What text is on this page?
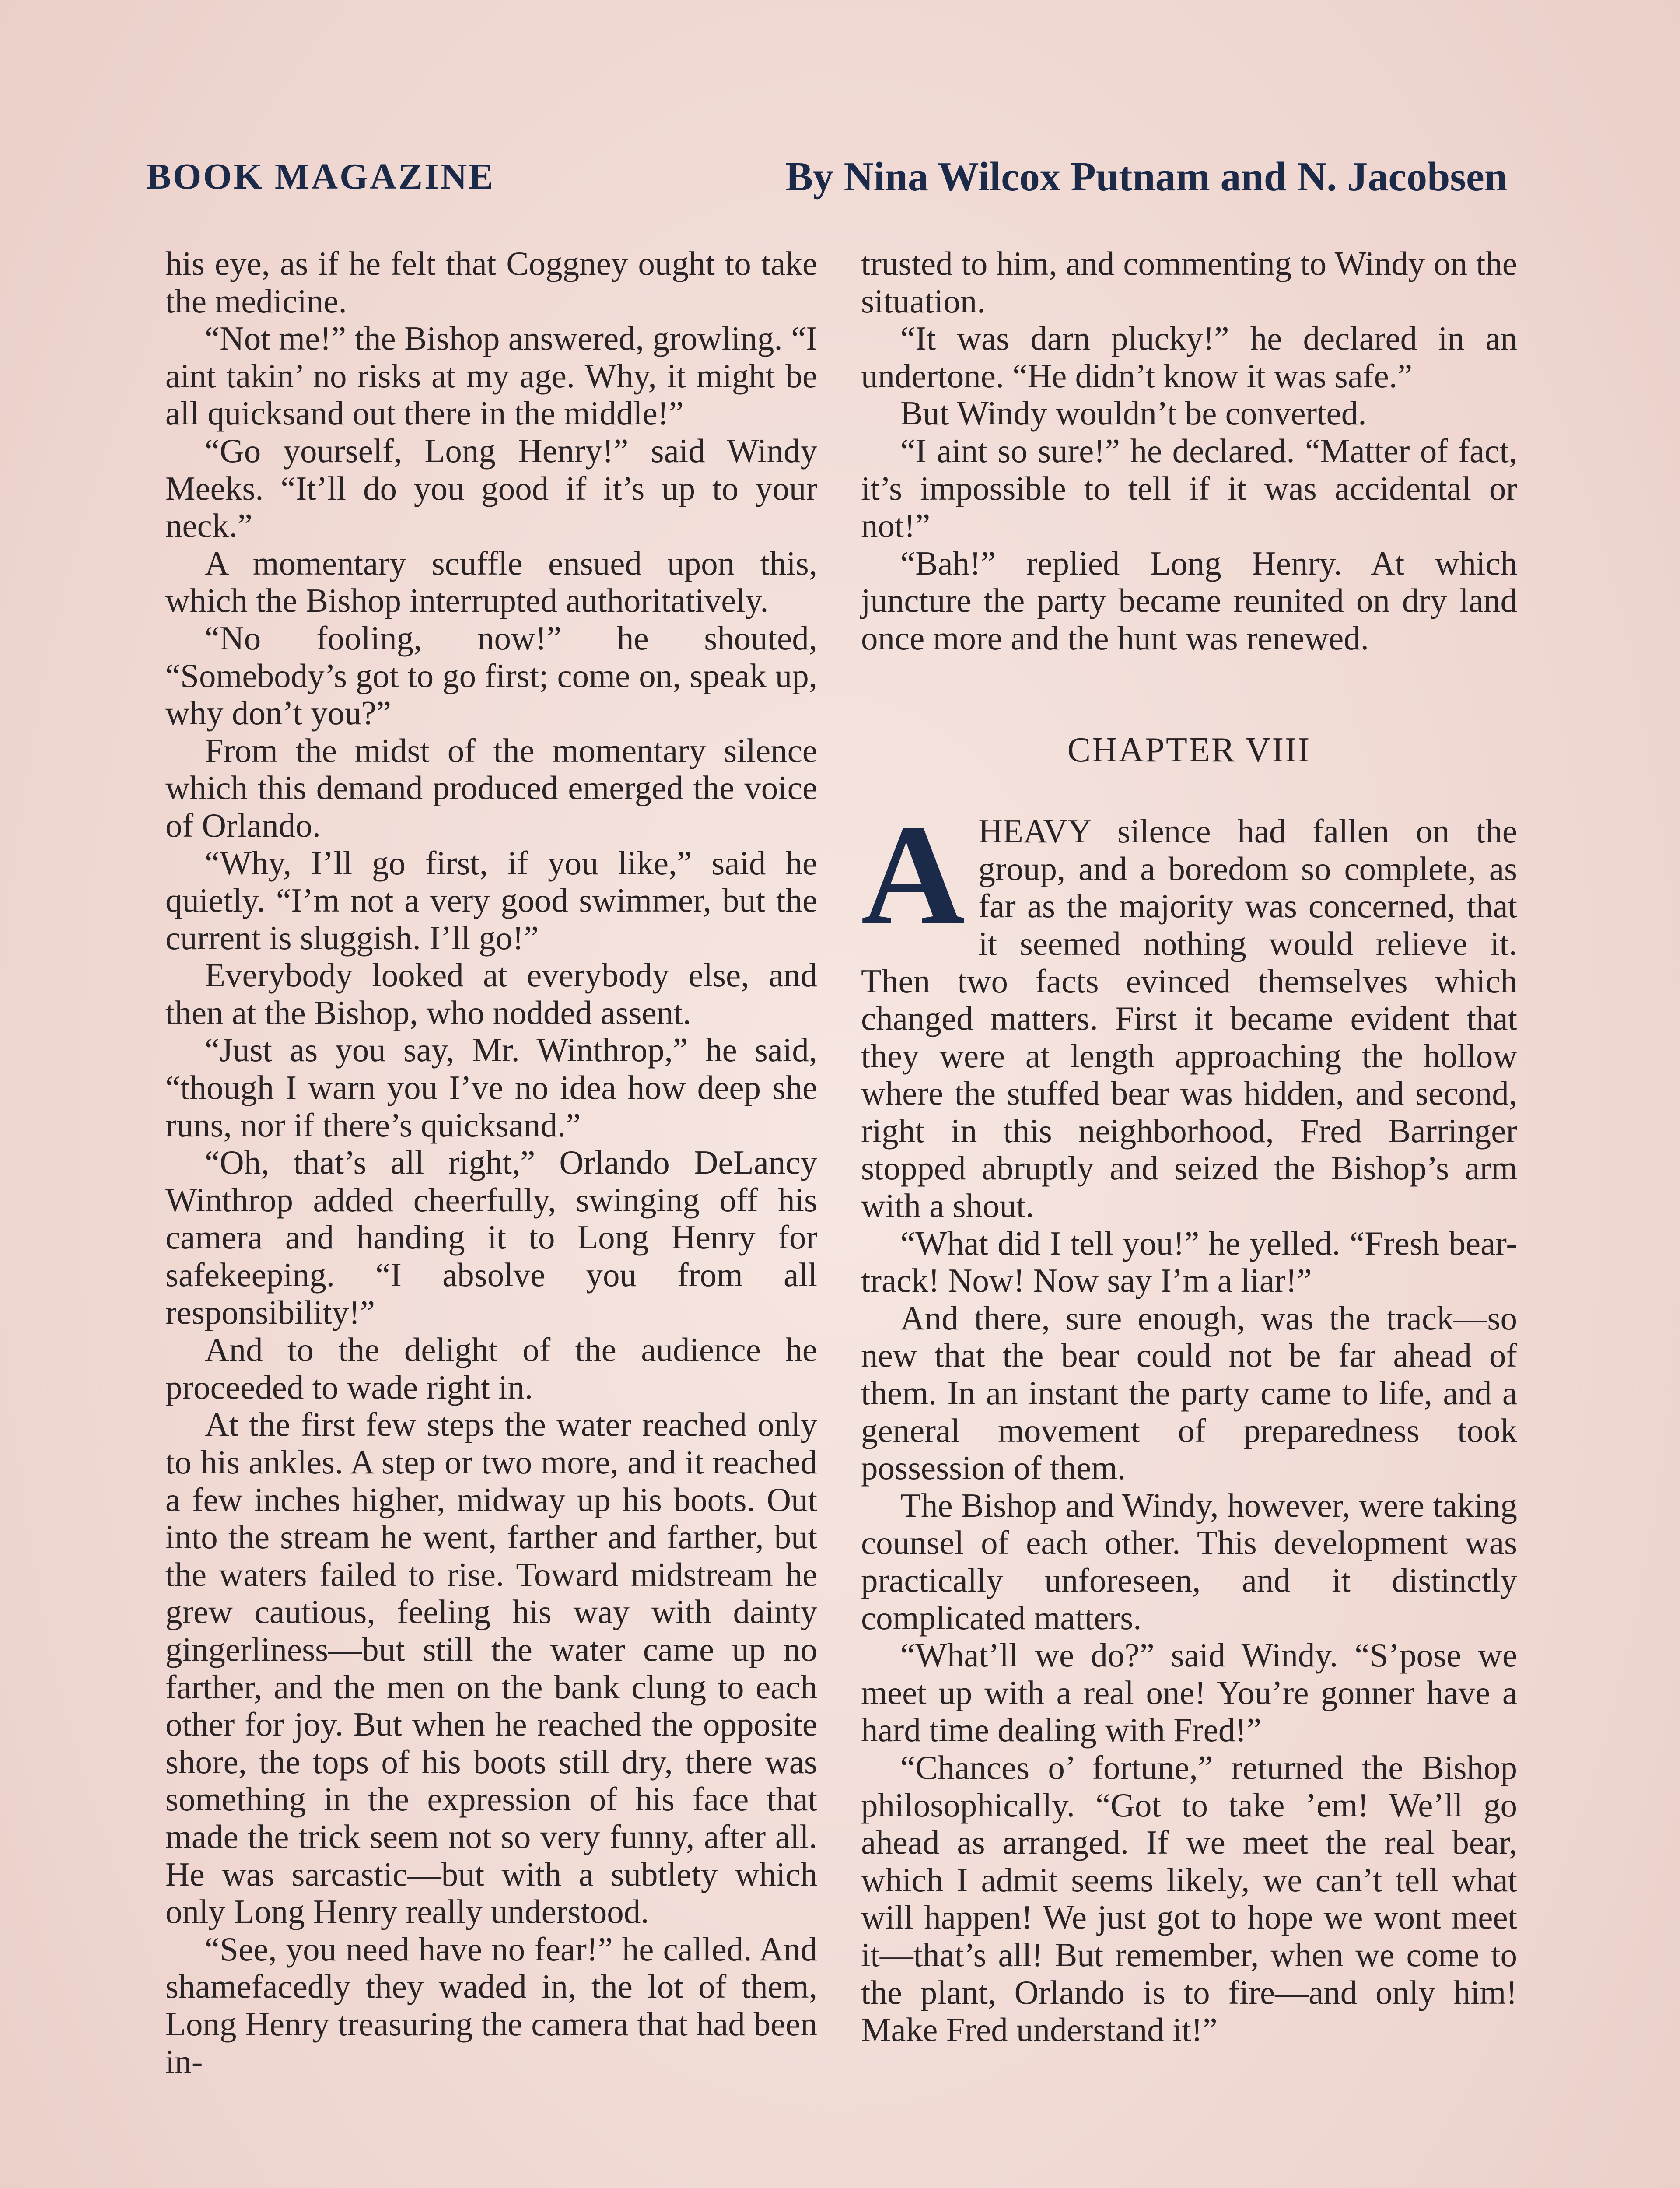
BOOK MAGAZINE	By Nina Wilcox Putnam and N. Jacobsen

his eye, as if he felt that Coggney ought to take the medicine.

“Not me!” the Bishop answered, growling. “I aint takin’ no risks at my age. Why, it might be all quicksand out there in the middle!”

“Go yourself, Long Henry!” said Windy Meeks. “It’ll do you good if it’s up to your neck.”

A momentary scuffle ensued upon this, which the Bishop interrupted authoritatively.

“No fooling, now!” he shouted, “Somebody’s got to go first; come on, speak up, why don’t you?”

From the midst of the momentary silence which this demand produced emerged the voice of Orlando.

“Why, I’ll go first, if you like,” said he quietly. “I’m not a very good swimmer, but the current is sluggish. I’ll go!”

Everybody looked at everybody else, and then at the Bishop, who nodded assent.

“Just as you say, Mr. Winthrop,” he said, “though I warn you I’ve no idea how deep she runs, nor if there’s quicksand.”

“Oh, that’s all right,” Orlando DeLancy Winthrop added cheerfully, swinging off his camera and handing it to Long Henry for safekeeping. “I absolve you from all responsibility!”

And to the delight of the audience he proceeded to wade right in.

At the first few steps the water reached only to his ankles. A step or two more, and it reached a few inches higher, midway up his boots. Out into the stream he went, farther and farther, but the waters failed to rise. Toward midstream he grew cautious, feeling his way with dainty gingerliness—but still the water came up no farther, and the men on the bank clung to each other for joy. But when he reached the opposite shore, the tops of his boots still dry, there was something in the expression of his face that made the trick seem not so very funny, after all. He was sarcastic—but with a subtlety which only Long Henry really understood.

“See, you need have no fear!” he called. And shamefacedly they waded in, the lot of them, Long Henry treasuring the camera that had been in-

trusted to him, and commenting to Windy on the situation.

“It was darn plucky!” he declared in an undertone. “He didn’t know it was safe.”

But Windy wouldn’t be converted.

“I aint so sure!” he declared. “Matter of fact, it’s impossible to tell if it was accidental or not!”

“Bah!” replied Long Henry. At which juncture the party became reunited on dry land once more and the hunt was renewed.

CHAPTER VIII

AHEAVY silence had fallen on the group, and a boredom so complete, as far as the majority was concerned, that it seemed nothing would relieve it. Then two facts evinced themselves which changed matters. First it became evident that they were at length approaching the hollow where the stuffed bear was hidden, and second, right in this neighborhood, Fred Barringer stopped abruptly and seized the Bishop’s arm with a shout.

“What did I tell you!” he yelled. “Fresh bear-track! Now! Now say I’m a liar!”

And there, sure enough, was the track—so new that the bear could not be far ahead of them. In an instant the party came to life, and a general movement of preparedness took possession of them.

The Bishop and Windy, however, were taking counsel of each other. This development was practically unforeseen, and it distinctly complicated matters.

“What’ll we do?” said Windy. “S’pose we meet up with a real one! You’re gonner have a hard time dealing with Fred!”

“Chances o’ fortune,” returned the Bishop philosophically. “Got to take ’em! We’ll go ahead as arranged. If we meet the real bear, which I admit seems likely, we can’t tell what will happen! We just got to hope we wont meet it—that’s all! But remember, when we come to the plant, Orlando is to fire—and only him! Make Fred understand it!”
